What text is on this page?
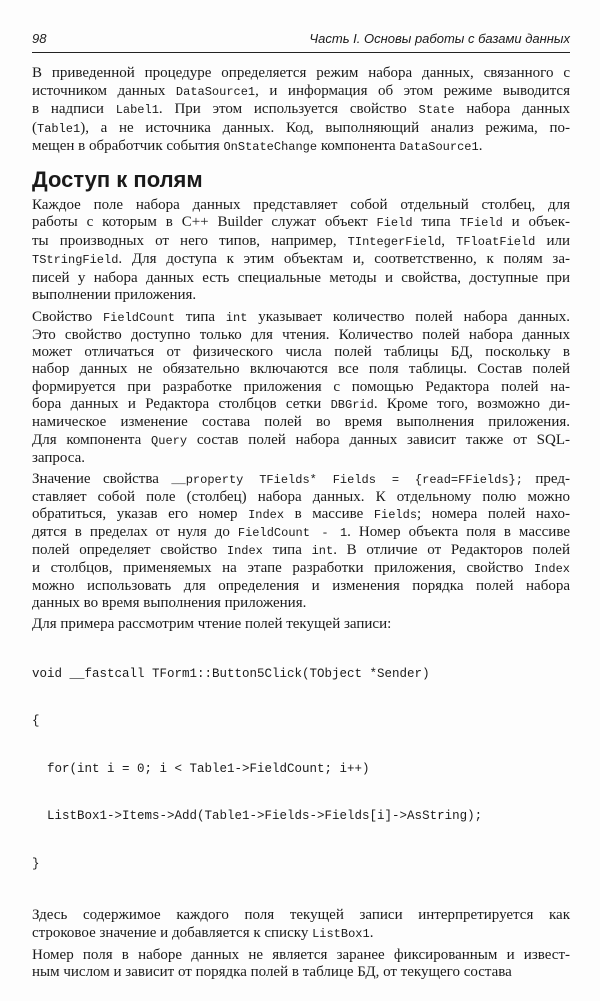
98	Часть I. Основы работы с базами данных
В приведенной процедуре определяется режим набора данных, связанного с
источником данных DataSource1, и информация об этом режиме выводится
в надписи Label1. При этом используется свойство State набора данных
(Table1), а не источника данных. Код, выполняющий анализ режима, по-
мещен в обработчик события OnStateChange компонента DataSource1.
Доступ к полям
Каждое поле набора данных представляет собой отдельный столбец, для
работы с которым в C++ Builder служат объект Field типа TField и объек-
ты производных от него типов, например, TIntegerField, TFloatField или
TStringField. Для доступа к этим объектам и, соответственно, к полям за-
писей у набора данных есть специальные методы и свойства, доступные при
выполнении приложения.
Свойство FieldCount типа int указывает количество полей набора данных.
Это свойство доступно только для чтения. Количество полей набора данных
может отличаться от физического числа полей таблицы БД, поскольку в
набор данных не обязательно включаются все поля таблицы. Состав полей
формируется при разработке приложения с помощью Редактора полей на-
бора данных и Редактора столбцов сетки DBGrid. Кроме того, возможно ди-
намическое изменение состава полей во время выполнения приложения.
Для компонента Query состав полей набора данных зависит также от SQL-
запроса.
Значение свойства __property TFields* Fields = {read=FFields}; пред-
ставляет собой поле (столбец) набора данных. К отдельному полю можно
обратиться, указав его номер Index в массиве Fields; номера полей нахо-
дятся в пределах от нуля до FieldCount - 1. Номер объекта поля в массиве
полей определяет свойство Index типа int. В отличие от Редакторов полей
и столбцов, применяемых на этапе разработки приложения, свойство Index
можно использовать для определения и изменения порядка полей набора
данных во время выполнения приложения.
Для примера рассмотрим чтение полей текущей записи:

void __fastcall TForm1::Button5Click(TObject *Sender)

{

for(int i = 0; i < Table1->FieldCount; i++)

ListBox1->Items->Add(Table1->Fields->Fields[i]->AsString);

}

Здесь содержимое каждого поля текущей записи интерпретируется как
строковое значение и добавляется к списку ListBox1.
Номер поля в наборе данных не является заранее фиксированным и извест-
ным числом и зависит от порядка полей в таблице БД, от текущего состава
